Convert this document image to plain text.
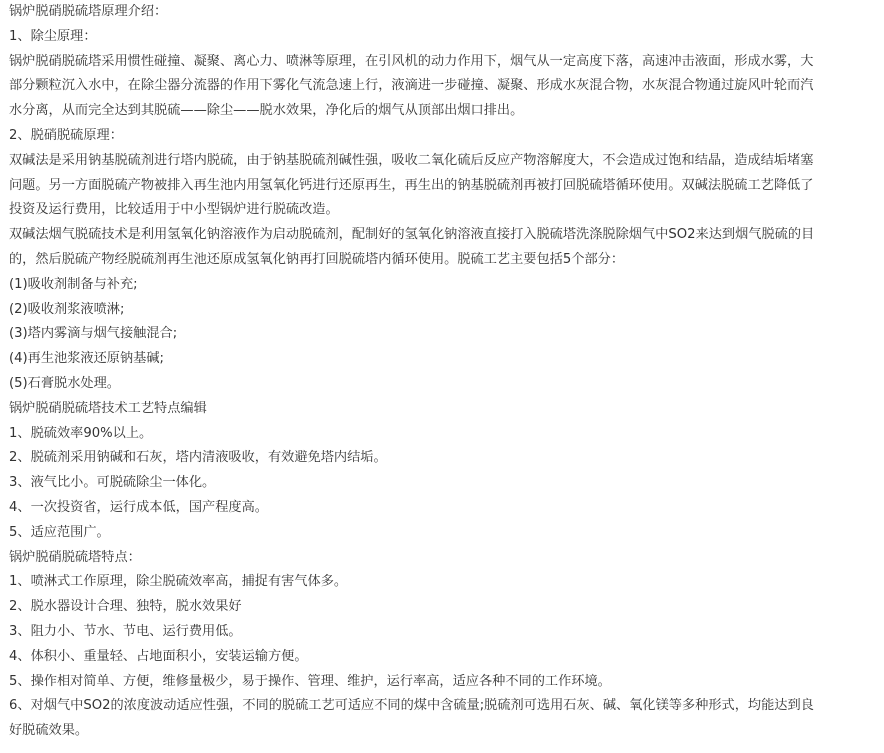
锅炉脱硝脱硫塔原理介绍：
1、除尘原理：
锅炉脱硝脱硫塔采用惯性碰撞、凝聚、离心力、喷淋等原理，在引风机的动力作用下，烟气从一定高度下落，高速冲击液面，形成水雾，大
部分颗粒沉入水中，在除尘器分流器的作用下雾化气流急速上行，液滴进一步碰撞、凝聚、形成水灰混合物，水灰混合物通过旋风叶轮而汽
水分离，从而完全达到其脱硫——除尘——脱水效果，净化后的烟气从顶部出烟口排出。
2、脱硝脱硫原理：
双碱法是采用钠基脱硫剂进行塔内脱硫，由于钠基脱硫剂碱性强，吸收二氧化硫后反应产物溶解度大，不会造成过饱和结晶，造成结垢堵塞
问题。另一方面脱硫产物被排入再生池内用氢氧化钙进行还原再生，再生出的钠基脱硫剂再被打回脱硫塔循环使用。双碱法脱硫工艺降低了
投资及运行费用，比较适用于中小型锅炉进行脱硫改造。
双碱法烟气脱硫技术是利用氢氧化钠溶液作为启动脱硫剂，配制好的氢氧化钠溶液直接打入脱硫塔洗涤脱除烟气中SO2来达到烟气脱硫的目
的，然后脱硫产物经脱硫剂再生池还原成氢氧化钠再打回脱硫塔内循环使用。脱硫工艺主要包括5个部分：
(1)吸收剂制备与补充;
(2)吸收剂浆液喷淋;
(3)塔内雾滴与烟气接触混合;
(4)再生池浆液还原钠基碱;
(5)石膏脱水处理。
锅炉脱硝脱硫塔技术工艺特点编辑
1、脱硫效率90%以上。
2、脱硫剂采用钠碱和石灰，塔内清液吸收，有效避免塔内结垢。
3、液气比小。可脱硫除尘一体化。
4、一次投资省，运行成本低，国产程度高。
5、适应范围广。
锅炉脱硝脱硫塔特点：
1、喷淋式工作原理，除尘脱硫效率高，捕捉有害气体多。
2、脱水器设计合理、独特，脱水效果好
3、阻力小、节水、节电、运行费用低。
4、体积小、重量轻、占地面积小，安装运输方便。
5、操作相对简单、方便，维修量极少，易于操作、管理、维护，运行率高，适应各种不同的工作环境。
6、对烟气中SO2的浓度波动适应性强，不同的脱硫工艺可适应不同的煤中含硫量;脱硫剂可选用石灰、碱、氧化镁等多种形式，均能达到良
好脱硫效果。
